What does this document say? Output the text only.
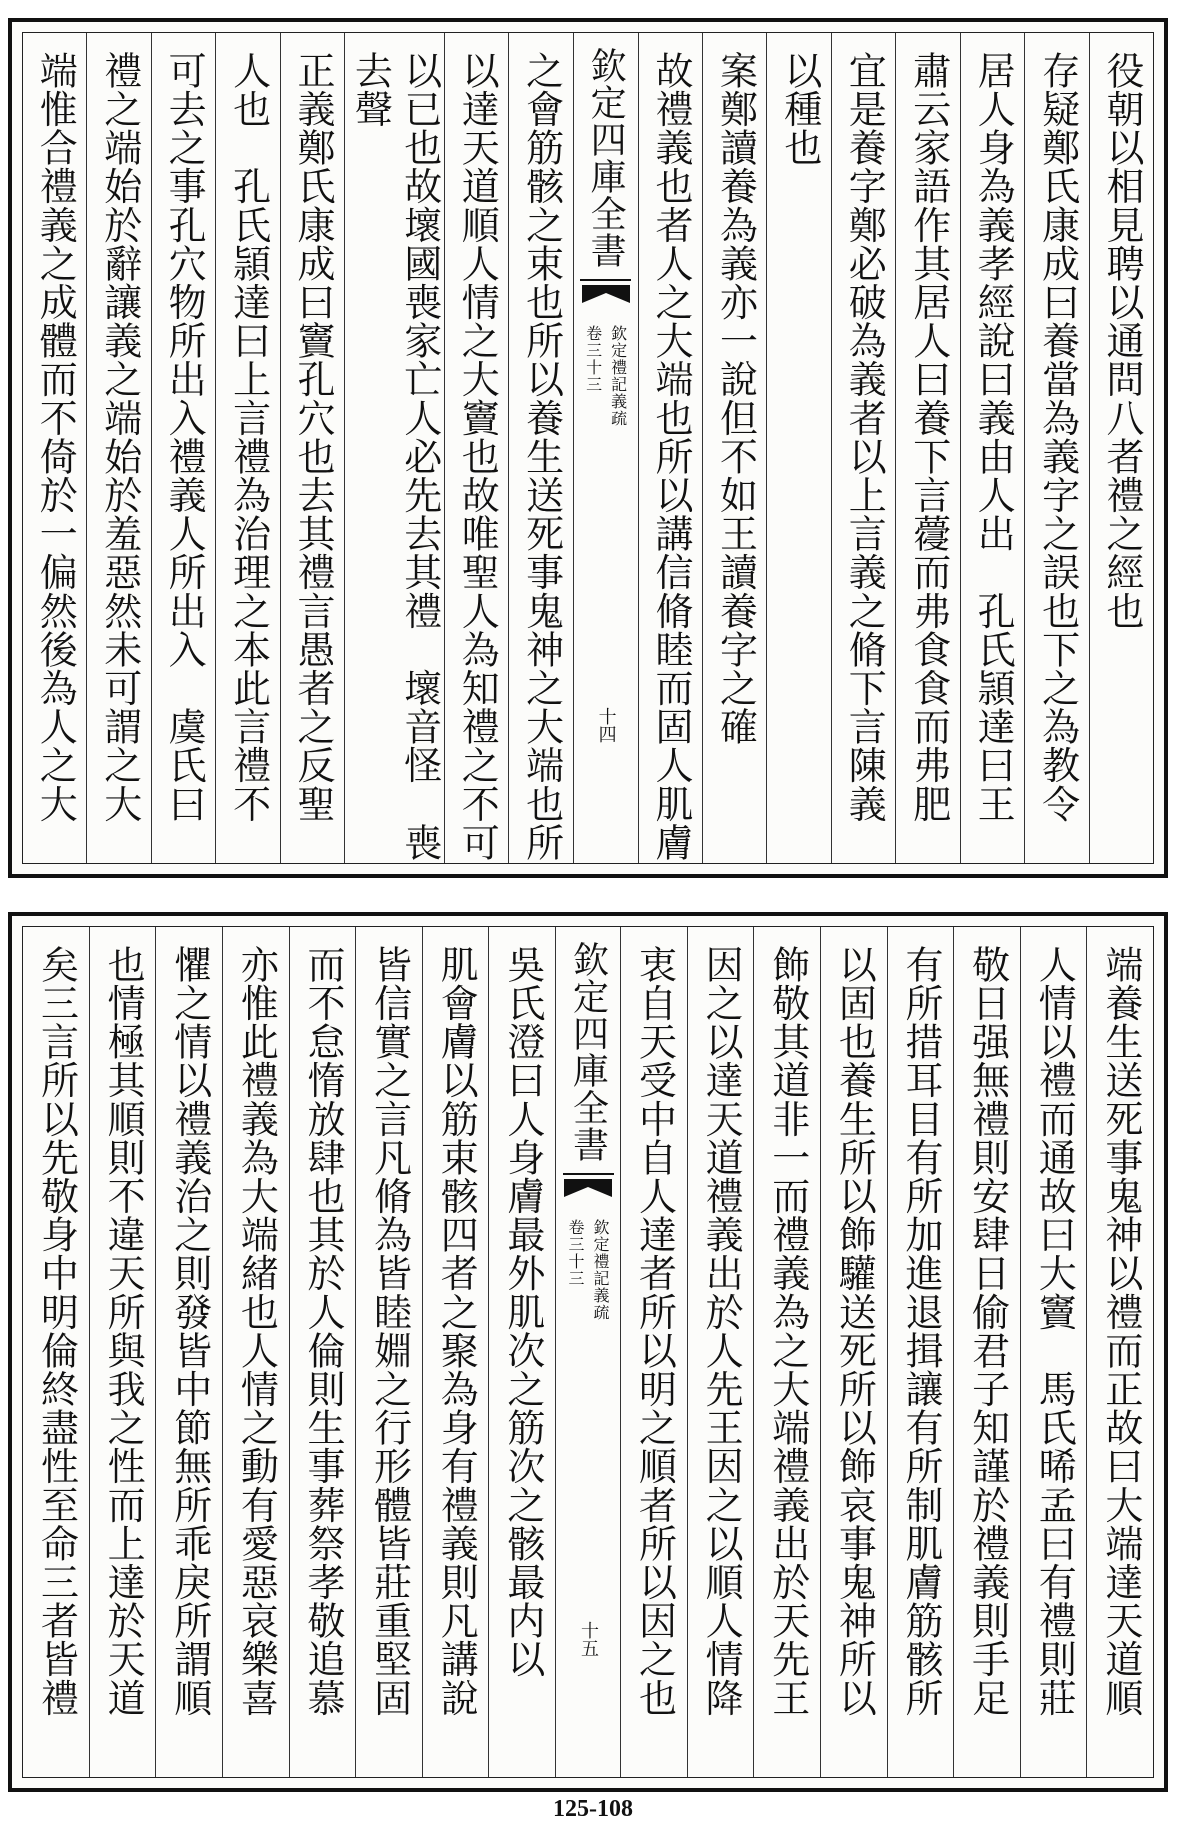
役朝以相見聘以通問八者禮之經也
存疑鄭氏康成曰養當為義字之誤也下之為教令
居人身為義孝經說曰義由人出　孔氏頴達曰王
肅云家語作其居人曰養下言蘉而弗食食而弗肥
宜是養字鄭必破為義者以上言義之脩下言陳義
以種也
案鄭讀養為義亦一說但不如王讀養字之確
故禮義也者人之大端也所以講信脩睦而固人肌膚
欽定四庫全書
欽定禮記義疏
卷三十三
十四
之會筋骸之束也所以養生送死事鬼神之大端也所
以達天道順人情之大竇也故唯聖人為知禮之不可
以已也故壞國喪家亡人必先去其禮　壞音怪　喪去聲
正義鄭氏康成曰竇孔穴也去其禮言愚者之反聖
人也　孔氏頴達曰上言禮為治理之本此言禮不
可去之事孔穴物所出入禮義人所出入　虞氏曰
禮之端始於辭讓義之端始於羞惡然未可謂之大
端惟合禮義之成體而不倚於一偏然後為人之大
端養生送死事鬼神以禮而正故曰大端達天道順
人情以禮而通故曰大竇　馬氏晞孟曰有禮則莊
敬日强無禮則安肆日偷君子知謹於禮義則手足
有所措耳目有所加進退揖讓有所制肌膚筋骸所
以固也養生所以飾驩送死所以飾哀事鬼神所以
飾敬其道非一而禮義為之大端禮義出於天先王
因之以達天道禮義出於人先王因之以順人情降
衷自天受中自人達者所以明之順者所以因之也
欽定四庫全書
欽定禮記義疏
卷三十三
十五
吳氏澄曰人身膚最外肌次之筋次之骸最内以
肌會膚以筋束骸四者之聚為身有禮義則凡講說
皆信實之言凡脩為皆睦婣之行形體皆莊重堅固
而不怠惰放肆也其於人倫則生事葬祭孝敬追慕
亦惟此禮義為大端緒也人情之動有愛惡哀樂喜
懼之情以禮義治之則發皆中節無所乖戾所謂順
也情極其順則不違天所與我之性而上達於天道
矣三言所以先敬身中明倫終盡性至命三者皆禮
125-108
